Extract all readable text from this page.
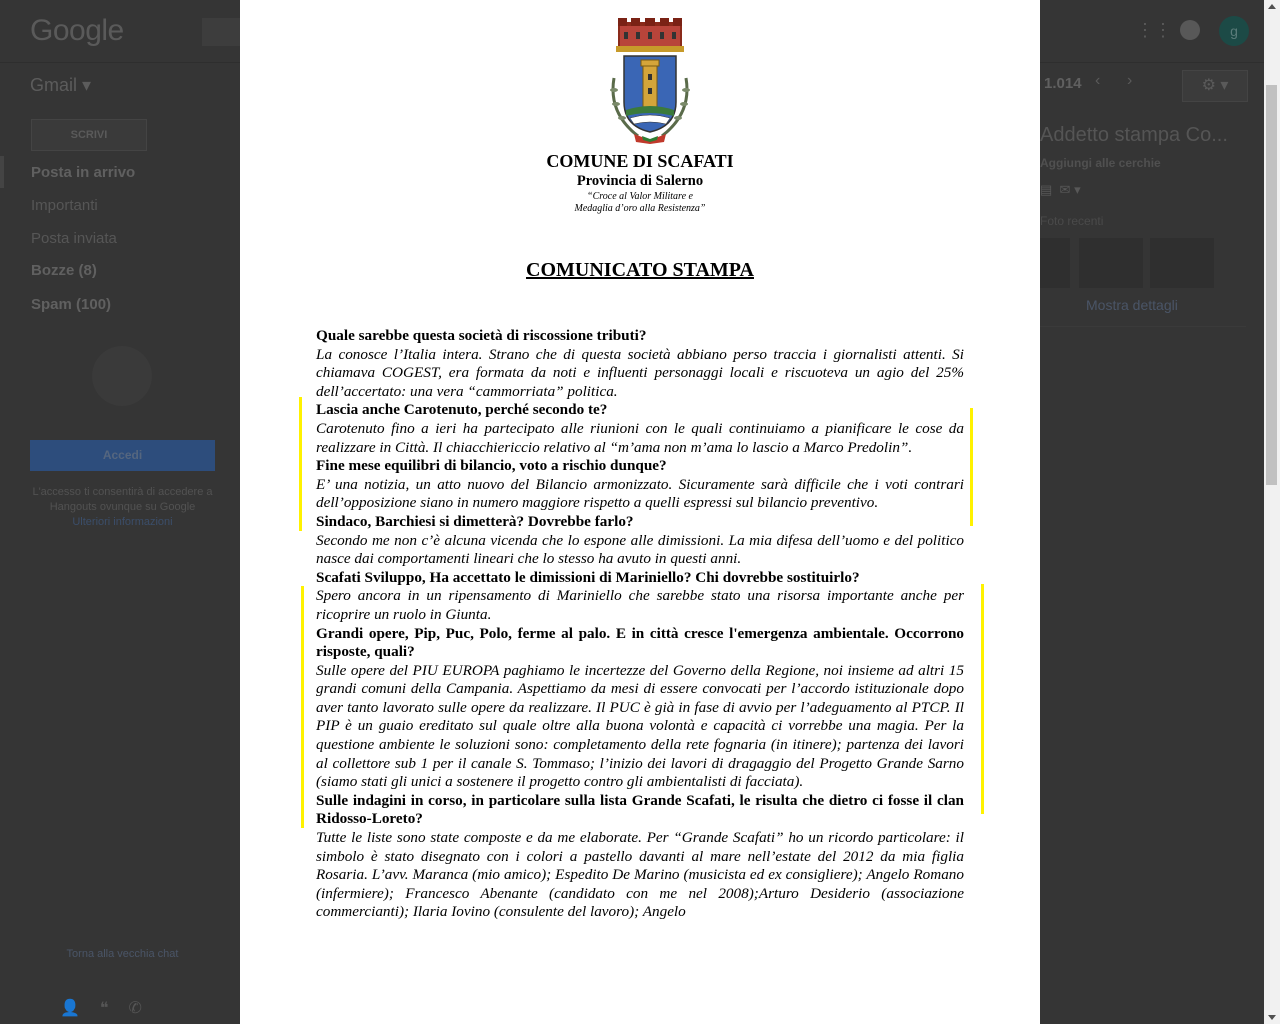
Google
Gmail ▾
SCRIVI
Posta in arrivo
Importanti
Posta inviata
Bozze (8)
Spam (100)
Accedi
L'accesso ti consentirà di accedere a Hangouts ovunque su Google
Ulteriori informazioni
Torna alla vecchia chat
👤❝✆
⋮⋮	g
1.014 ‹ ›	⚙ ▾
Addetto stampa Co...
Aggiungi alle cerchie
▤ ✉ ▾
Foto recenti
Mostra dettagli
COMUNE DI SCAFATI
Provincia di Salerno
“Croce al Valor Militare e
Medaglia d’oro alla Resistenza”
COMUNICATO STAMPA

Quale sarebbe questa società di riscossione tributi?

La conosce l’Italia intera. Strano che di questa società abbiano perso traccia i giornalisti attenti. Si chiamava COGEST, era formata da noti e influenti personaggi locali e riscuoteva un agio del 25% dell’accertato: una vera “cammorriata” politica.

Lascia anche Carotenuto, perché secondo te?

Carotenuto fino a ieri ha partecipato alle riunioni con le quali continuiamo a pianificare le cose da realizzare in Città. Il chiacchiericcio relativo al “m’ama non m’ama lo lascio a Marco Predolin”.

Fine mese equilibri di bilancio, voto a rischio dunque?

E’ una notizia, un atto nuovo del Bilancio armonizzato. Sicuramente sarà difficile che i voti contrari dell’opposizione siano in numero maggiore rispetto a quelli espressi sul bilancio preventivo.

Sindaco, Barchiesi si dimetterà? Dovrebbe farlo?

Secondo me non c’è alcuna vicenda che lo espone alle dimissioni. La mia difesa dell’uomo e del politico nasce dai comportamenti lineari che lo stesso ha avuto in questi anni.

Scafati Sviluppo, Ha accettato le dimissioni di Mariniello? Chi dovrebbe sostituirlo?

Spero ancora in un ripensamento di Mariniello che sarebbe stato una risorsa importante anche per ricoprire un ruolo in Giunta.

Grandi opere, Pip, Puc, Polo, ferme al palo. E in città cresce l'emergenza ambientale. Occorrono risposte, quali?

Sulle opere del PIU EUROPA paghiamo le incertezze del Governo della Regione, noi insieme ad altri 15 grandi comuni della Campania. Aspettiamo da mesi di essere convocati per l’accordo istituzionale dopo aver tanto lavorato sulle opere da realizzare. Il PUC è già in fase di avvio per l’adeguamento al PTCP. Il PIP è un guaio ereditato sul quale oltre alla buona volontà e capacità ci vorrebbe una magia. Per la questione ambiente le soluzioni sono: completamento della rete fognaria (in itinere); partenza dei lavori al collettore sub 1 per il canale S. Tommaso; l’inizio dei lavori di dragaggio del Progetto Grande Sarno (siamo stati gli unici a sostenere il progetto contro gli ambientalisti di facciata).

Sulle indagini in corso, in particolare sulla lista Grande Scafati, le risulta che dietro ci fosse il clan Ridosso-Loreto?

Tutte le liste sono state composte e da me elaborate. Per “Grande Scafati” ho un ricordo particolare: il simbolo è stato disegnato con i colori a pastello davanti al mare nell’estate del 2012 da mia figlia Rosaria. L’avv. Maranca (mio amico); Espedito De Marino (musicista ed ex consigliere); Angelo Romano (infermiere); Francesco Abenante (candidato con me nel 2008);Arturo Desiderio (associazione commercianti); Ilaria Iovino (consulente del lavoro); Angelo
